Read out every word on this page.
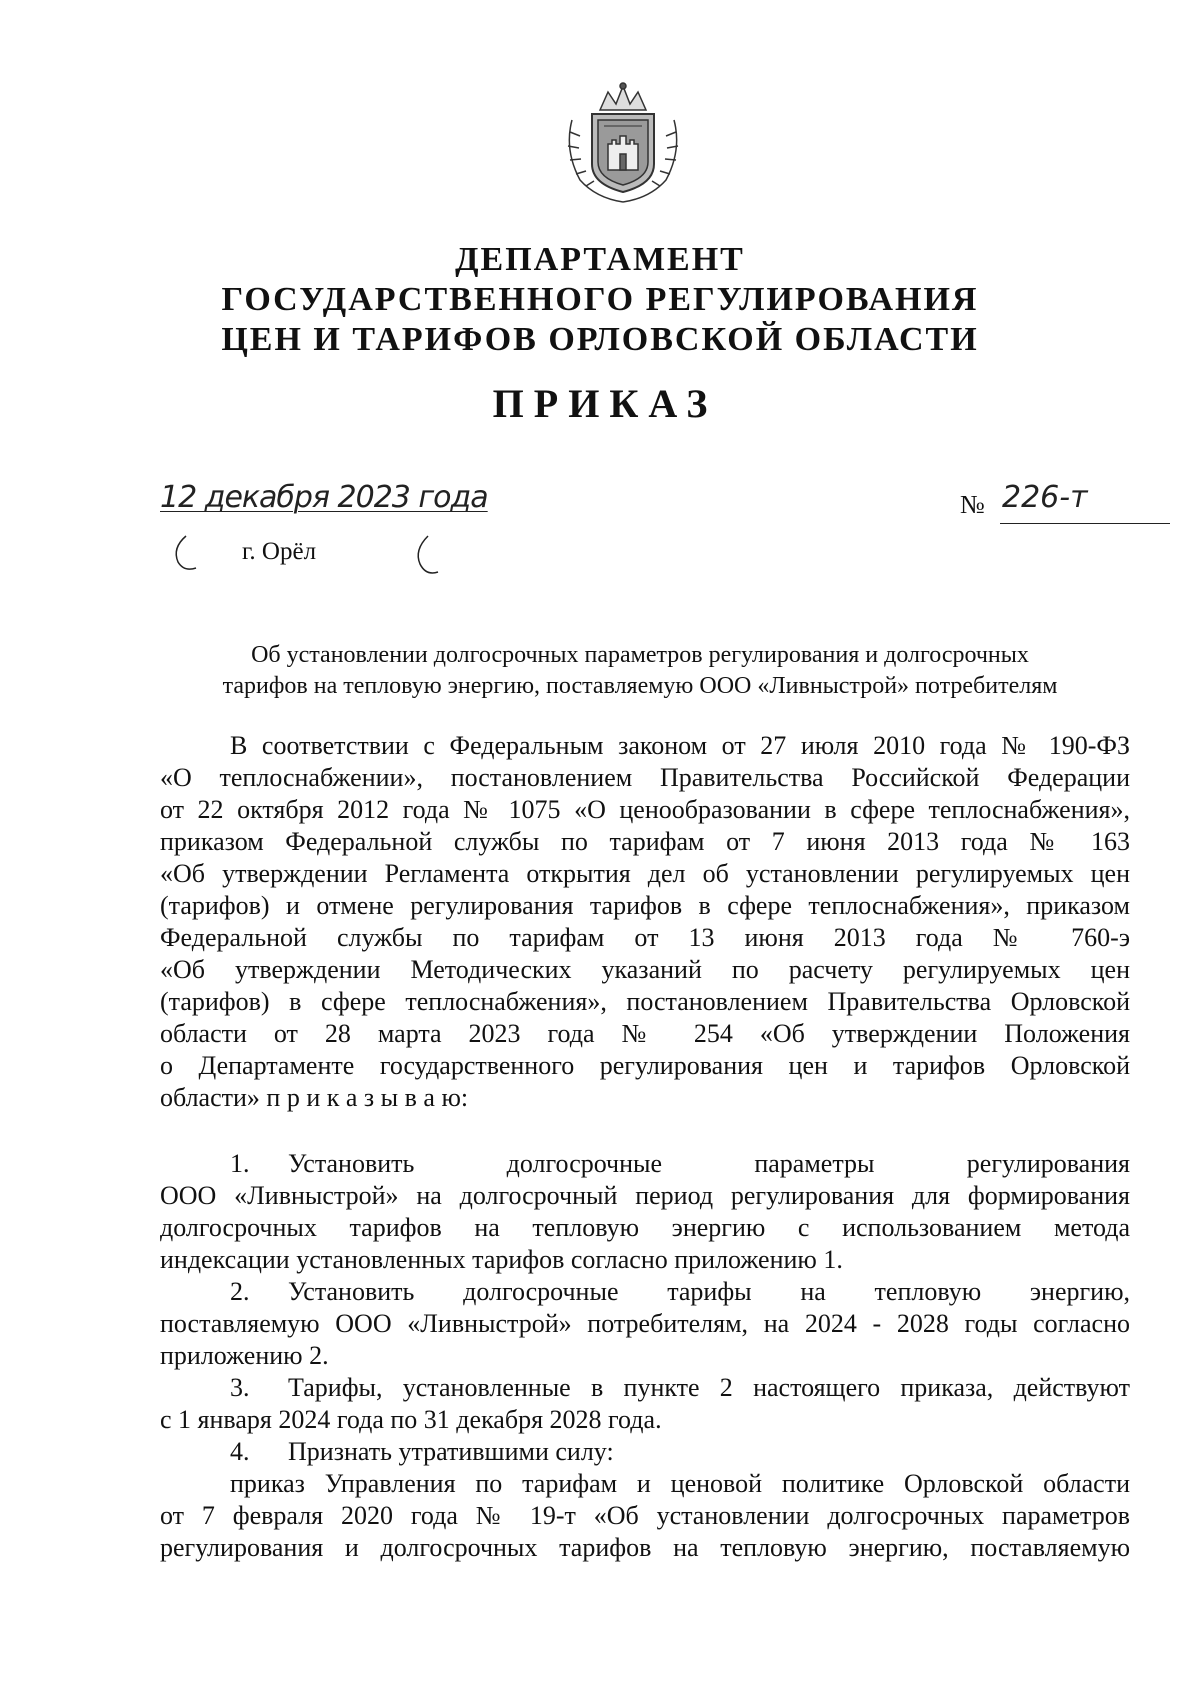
ДЕПАРТАМЕНТ
ГОСУДАРСТВЕННОГО РЕГУЛИРОВАНИЯ
ЦЕН И ТАРИФОВ ОРЛОВСКОЙ ОБЛАСТИ
ПРИКАЗ
12 декабря 2023 года
г. Орёл
№ 226-т
Об установлении долгосрочных параметров регулирования и долгосрочных
тарифов на тепловую энергию, поставляемую ООО «Ливныстрой» потребителям
В соответствии с Федеральным законом от 27 июля 2010 года № 190-ФЗ
«О теплоснабжении», постановлением Правительства Российской Федерации
от 22 октября 2012 года № 1075 «О ценообразовании в сфере теплоснабжения»,
приказом Федеральной службы по тарифам от 7 июня 2013 года № 163
«Об утверждении Регламента открытия дел об установлении регулируемых цен
(тарифов) и отмене регулирования тарифов в сфере теплоснабжения», приказом
Федеральной службы по тарифам от 13 июня 2013 года № 760-э
«Об утверждении Методических указаний по расчету регулируемых цен
(тарифов) в сфере теплоснабжения», постановлением Правительства Орловской
области от 28 марта 2023 года № 254 «Об утверждении Положения
о Департаменте государственного регулирования цен и тарифов Орловской
области» п р и к а з ы в а ю:
1. Установить долгосрочные параметры регулирования
ООО «Ливныстрой» на долгосрочный период регулирования для формирования
долгосрочных тарифов на тепловую энергию с использованием метода
индексации установленных тарифов согласно приложению 1.
2. Установить долгосрочные тарифы на тепловую энергию,
поставляемую ООО «Ливныстрой» потребителям, на 2024 - 2028 годы согласно
приложению 2.
3. Тарифы, установленные в пункте 2 настоящего приказа, действуют
с 1 января 2024 года по 31 декабря 2028 года.
4. Признать утратившими силу:
приказ Управления по тарифам и ценовой политике Орловской области
от 7 февраля 2020 года № 19-т «Об установлении долгосрочных параметров
регулирования и долгосрочных тарифов на тепловую энергию, поставляемую
